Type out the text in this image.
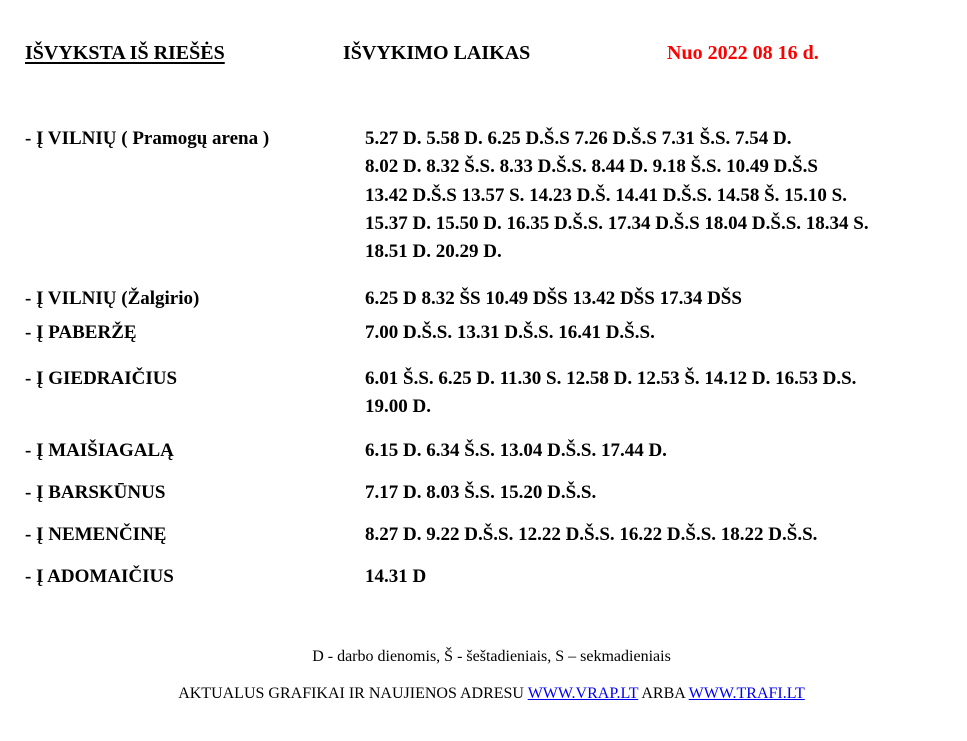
IŠVYKSTA IŠ RIEŠĖS	IŠVYKIMO LAIKAS	Nuo 2022 08 16 d.
- Į VILNIŲ ( Pramogų arena )	5.27 D. 5.58 D. 6.25 D.Š.S 7.26 D.Š.S 7.31 Š.S. 7.54 D.
8.02 D. 8.32 Š.S. 8.33 D.Š.S. 8.44 D. 9.18 Š.S. 10.49 D.Š.S
13.42 D.Š.S 13.57 S. 14.23 D.Š. 14.41 D.Š.S. 14.58 Š. 15.10 S.
15.37 D. 15.50 D. 16.35 D.Š.S. 17.34 D.Š.S 18.04 D.Š.S. 18.34 S.
18.51 D. 20.29 D.
- Į VILNIŲ (Žalgirio)	6.25 D 8.32 ŠS 10.49 DŠS 13.42 DŠS 17.34 DŠS
- Į PABERŽĘ	7.00 D.Š.S. 13.31 D.Š.S. 16.41 D.Š.S.
- Į GIEDRAIČIUS	6.01 Š.S. 6.25 D. 11.30 S. 12.58 D. 12.53 Š. 14.12 D. 16.53 D.S.
19.00 D.
- Į MAIŠIAGALĄ	6.15 D. 6.34 Š.S. 13.04 D.Š.S. 17.44 D.
- Į BARSKŪNUS	7.17 D. 8.03 Š.S. 15.20 D.Š.S.
- Į NEMENČINĘ	8.27 D. 9.22 D.Š.S. 12.22 D.Š.S. 16.22 D.Š.S. 18.22 D.Š.S.
- Į ADOMAIČIUS	14.31 D
D - darbo dienomis, Š - šeštadieniais, S – sekmadieniais
AKTUALUS GRAFIKAI IR NAUJIENOS ADRESU WWW.VRAP.LT ARBA WWW.TRAFI.LT
